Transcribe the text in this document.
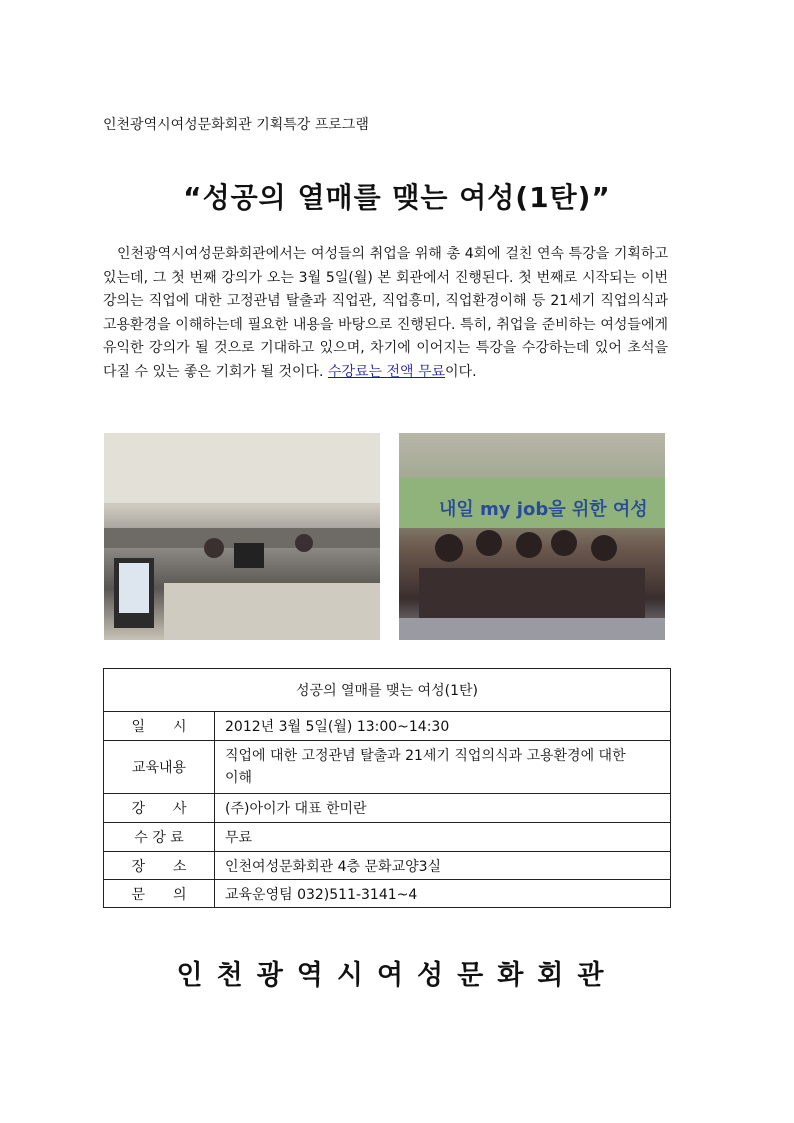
인천광역시여성문화회관 기획특강 프로그램
“성공의 열매를 맺는 여성(1탄)”
인천광역시여성문화회관에서는 여성들의 취업을 위해 총 4회에 걸친 연속 특강을 기획하고 있는데, 그 첫 번째 강의가 오는 3월 5일(월) 본 회관에서 진행된다. 첫 번째로 시작되는 이번 강의는 직업에 대한 고정관념 탈출과 직업관, 직업흥미, 직업환경이해 등 21세기 직업의식과 고용환경을 이해하는데 필요한 내용을 바탕으로 진행된다. 특히, 취업을 준비하는 여성들에게 유익한 강의가 될 것으로 기대하고 있으며, 차기에 이어지는 특강을 수강하는데 있어 초석을 다질 수 있는 좋은 기회가 될 것이다. 수강료는 전액 무료이다.
내일 my job을 위한 여성
성공의 열매를 맺는 여성(1탄)	
일　　시	2012년 3월 5일(월) 13:00~14:30
교육내용	직업에 대한 고정관념 탈출과 21세기 직업의식과 고용환경에 대한 이해
강　　사	(주)아이가 대표 한미란
수 강 료	무료
장　　소	인천여성문화회관 4층 문화교양3실
문　　의	교육운영팀 032)511-3141~4
인천광역시여성문화회관
